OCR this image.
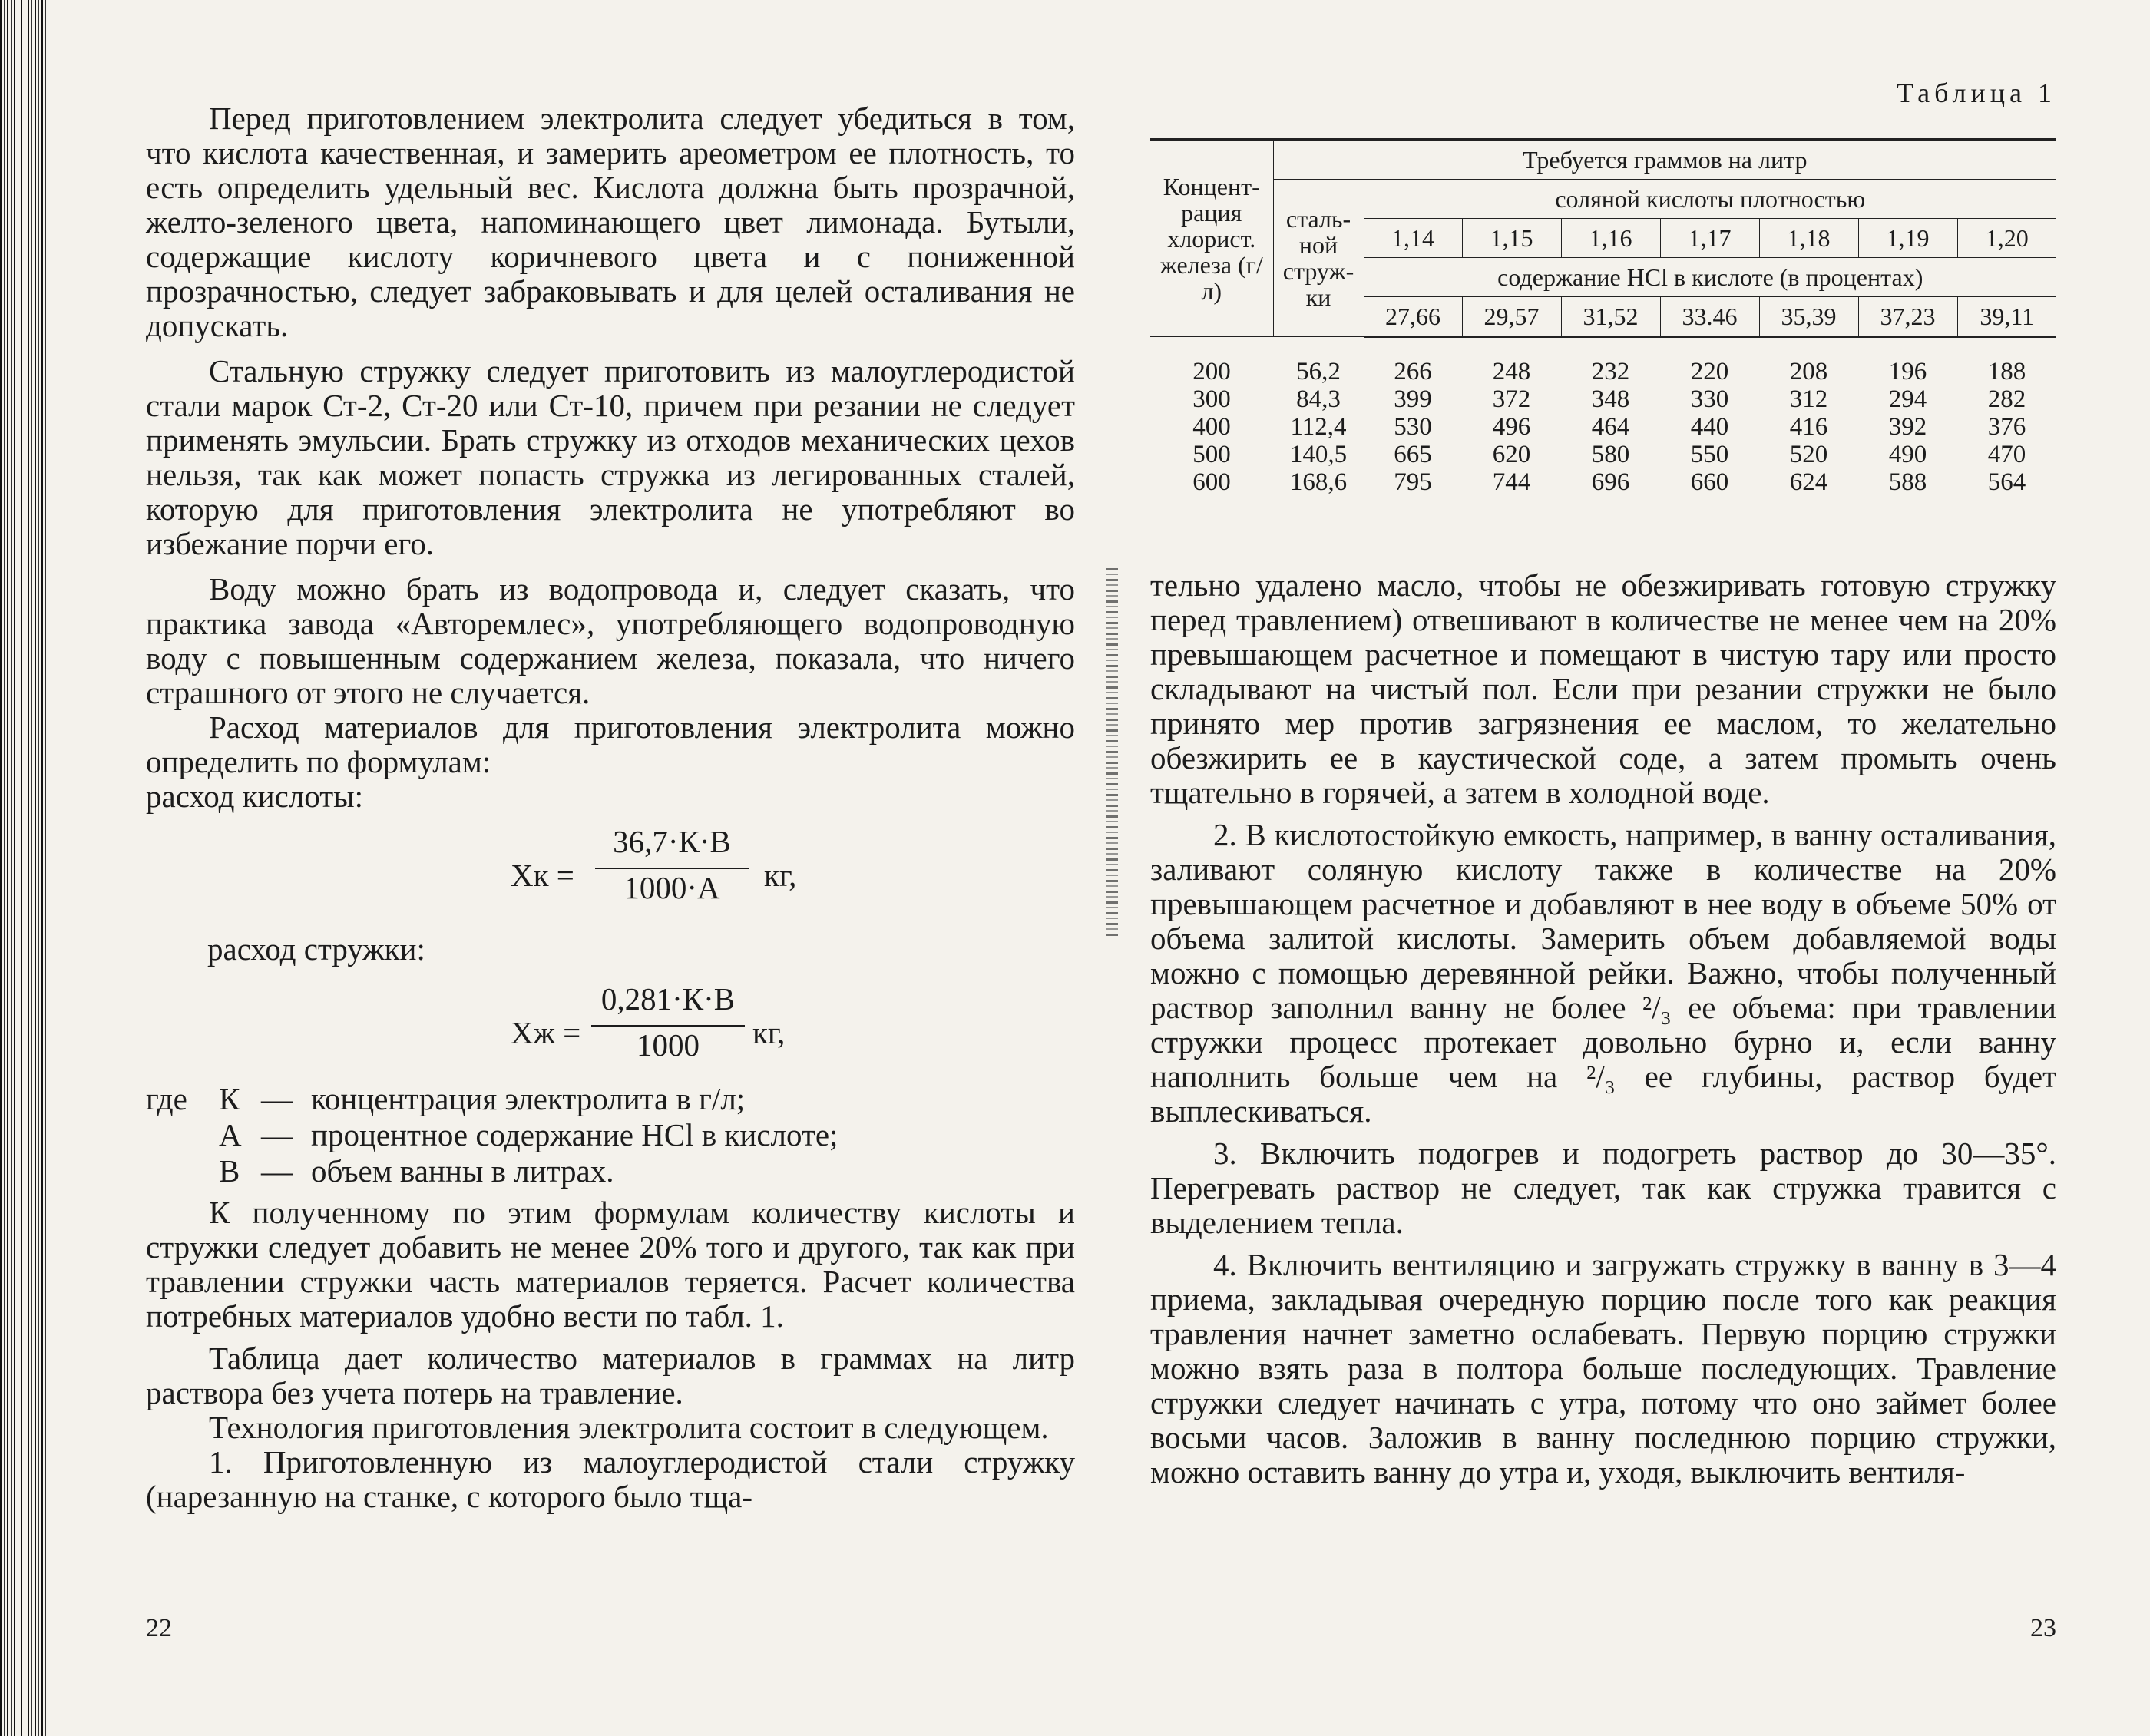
Перед приготовлением электролита следует убедиться в том, что кислота качественная, и замерить ареометром ее плотность, то есть определить удельный вес. Кислота должна быть прозрачной, желто-зеленого цвета, напоминающего цвет лимонада. Бутыли, содержащие кислоту коричневого цвета и с пониженной прозрачностью, следует забраковывать и для целей осталивания не допускать.

Стальную стружку следует приготовить из малоуглеродистой стали марок Ст-2, Ст-20 или Ст-10, причем при резании не следует применять эмульсии. Брать стружку из отходов механических цехов нельзя, так как может попасть стружка из легированных сталей, которую для приготовления электролита не употребляют во избежание порчи его.

Воду можно брать из водопровода и, следует сказать, что практика завода «Авторемлес», употребляющего водопроводную воду с повышенным содержанием железа, показала, что ничего страшного от этого не случается.

Расход материалов для приготовления электролита можно определить по формулам:

расход кислоты:

Xк =
36,7·К·В
1000·А	кг,

расход стружки:

Xж =
0,281·К·В
1000	кг,
где К — концентрация электролита в г/л;
А — процентное содержание HCl в кислоте;
В — объем ванны в литрах.

К полученному по этим формулам количеству кислоты и стружки следует добавить не менее 20% того и другого, так как при травлении стружки часть материалов теряется. Расчет количества потребных материалов удобно вести по табл. 1.

Таблица дает количество материалов в граммах на литр раствора без учета потерь на травление.

Технология приготовления электролита состоит в следующем.

1. Приготовленную из малоуглеродистой стали стружку (нарезанную на станке, с которого было тща-

22
Таблица 1
Концент-рация хлорист. железа (г/л)	Требуется граммов на литр							
	сталь-ной струж-ки	соляной кислоты плотностью						
		1,14	1,15	1,16	1,17	1,18	1,19	1,20
		содержание HCl в кислоте (в процентах)						
		27,66	29,57	31,52	33.46	35,39	37,23	39,11
200	56,2	266	248	232	220	208	196	188
300	84,3	399	372	348	330	312	294	282
400	112,4	530	496	464	440	416	392	376
500	140,5	665	620	580	550	520	490	470
600	168,6	795	744	696	660	624	588	564

тельно удалено масло, чтобы не обезжиривать готовую стружку перед травлением) отвешивают в количестве не менее чем на 20% превышающем расчетное и помещают в чистую тару или просто складывают на чистый пол. Если при резании стружки не было принято мер против загрязнения ее маслом, то желательно обезжирить ее в каустической соде, а затем промыть очень тщательно в горячей, а затем в холодной воде.

2. В кислотостойкую емкость, например, в ванну осталивания, заливают соляную кислоту также в количестве на 20% превышающем расчетное и добавляют в нее воду в объеме 50% от объема залитой кислоты. Замерить объем добавляемой воды можно с помощью деревянной рейки. Важно, чтобы полученный раствор заполнил ванну не более ²/₃ ее объема: при травлении стружки процесс протекает довольно бурно и, если ванну наполнить больше чем на ²/₃ ее глубины, раствор будет выплескиваться.

3. Включить подогрев и подогреть раствор до 30—35°. Перегревать раствор не следует, так как стружка травится с выделением тепла.

4. Включить вентиляцию и загружать стружку в ванну в 3—4 приема, закладывая очередную порцию после того как реакция травления начнет заметно ослабевать. Первую порцию стружки можно взять раза в полтора больше последующих. Травление стружки следует начинать с утра, потому что оно займет более восьми часов. Заложив в ванну последнюю порцию стружки, можно оставить ванну до утра и, уходя, выключить вентиля-

23
